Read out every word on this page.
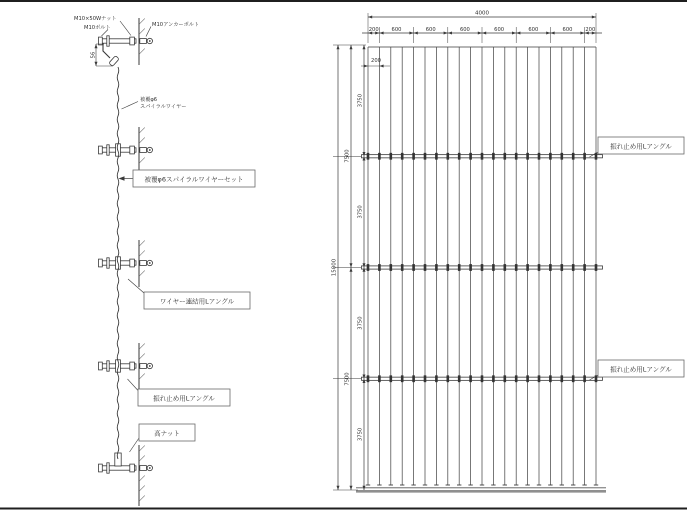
M10×50Wナット
M10ボルト	M10アンカーボルト
56
被覆φ6
スパイラルワイヤー
被覆φ6スパイラルワイヤーセット
ワイヤー連結用Lアングル
振れ止め用Lアングル
高ナット
4000
200 600	600	600	600	600	600 200
200
15000
7500
7500
3750
3750
3750
3750
振れ止め用Lアングル
振れ止め用Lアングル
